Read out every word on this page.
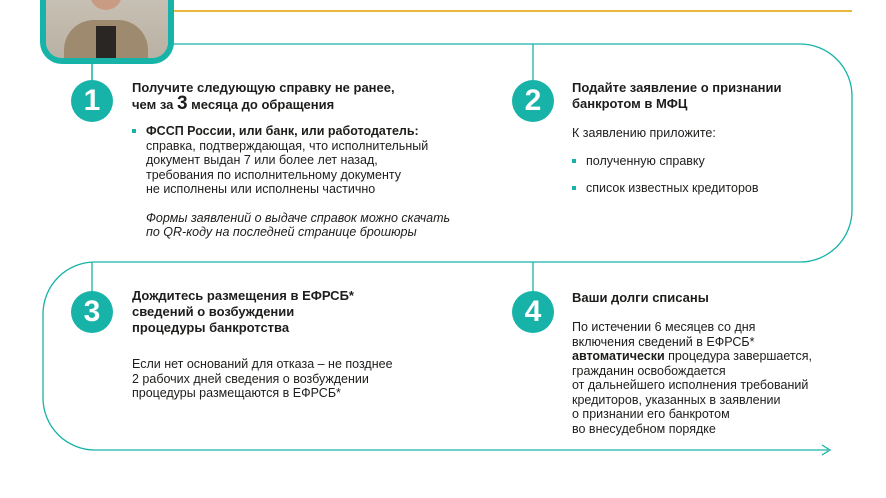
1	Получите следующую справку не ранее,
чем за 3 месяца до обращения
ФССП России, или банк, или работодатель:
справка, подтверждающая, что исполнительный
документ выдан 7 или более лет назад,
требования по исполнительному документу
не исполнены или исполнены частично
Формы заявлений о выдаче справок можно скачать
по QR-коду на последней странице брошюры
2	Подайте заявление о признании
банкротом в МФЦ
К заявлению приложите:
полученную справку
список известных кредиторов
3	Дождитесь размещения в ЕФРСБ*
сведений о возбуждении
процедуры банкротства
Если нет оснований для отказа – не позднее
2 рабочих дней сведения о возбуждении
процедуры размещаются в ЕФРСБ*
4	Ваши долги списаны
По истечении 6 месяцев со дня
включения сведений в ЕФРСБ*
автоматически процедура завершается,
гражданин освобождается
от дальнейшего исполнения требований
кредиторов, указанных в заявлении
о признании его банкротом
во внесудебном порядке
